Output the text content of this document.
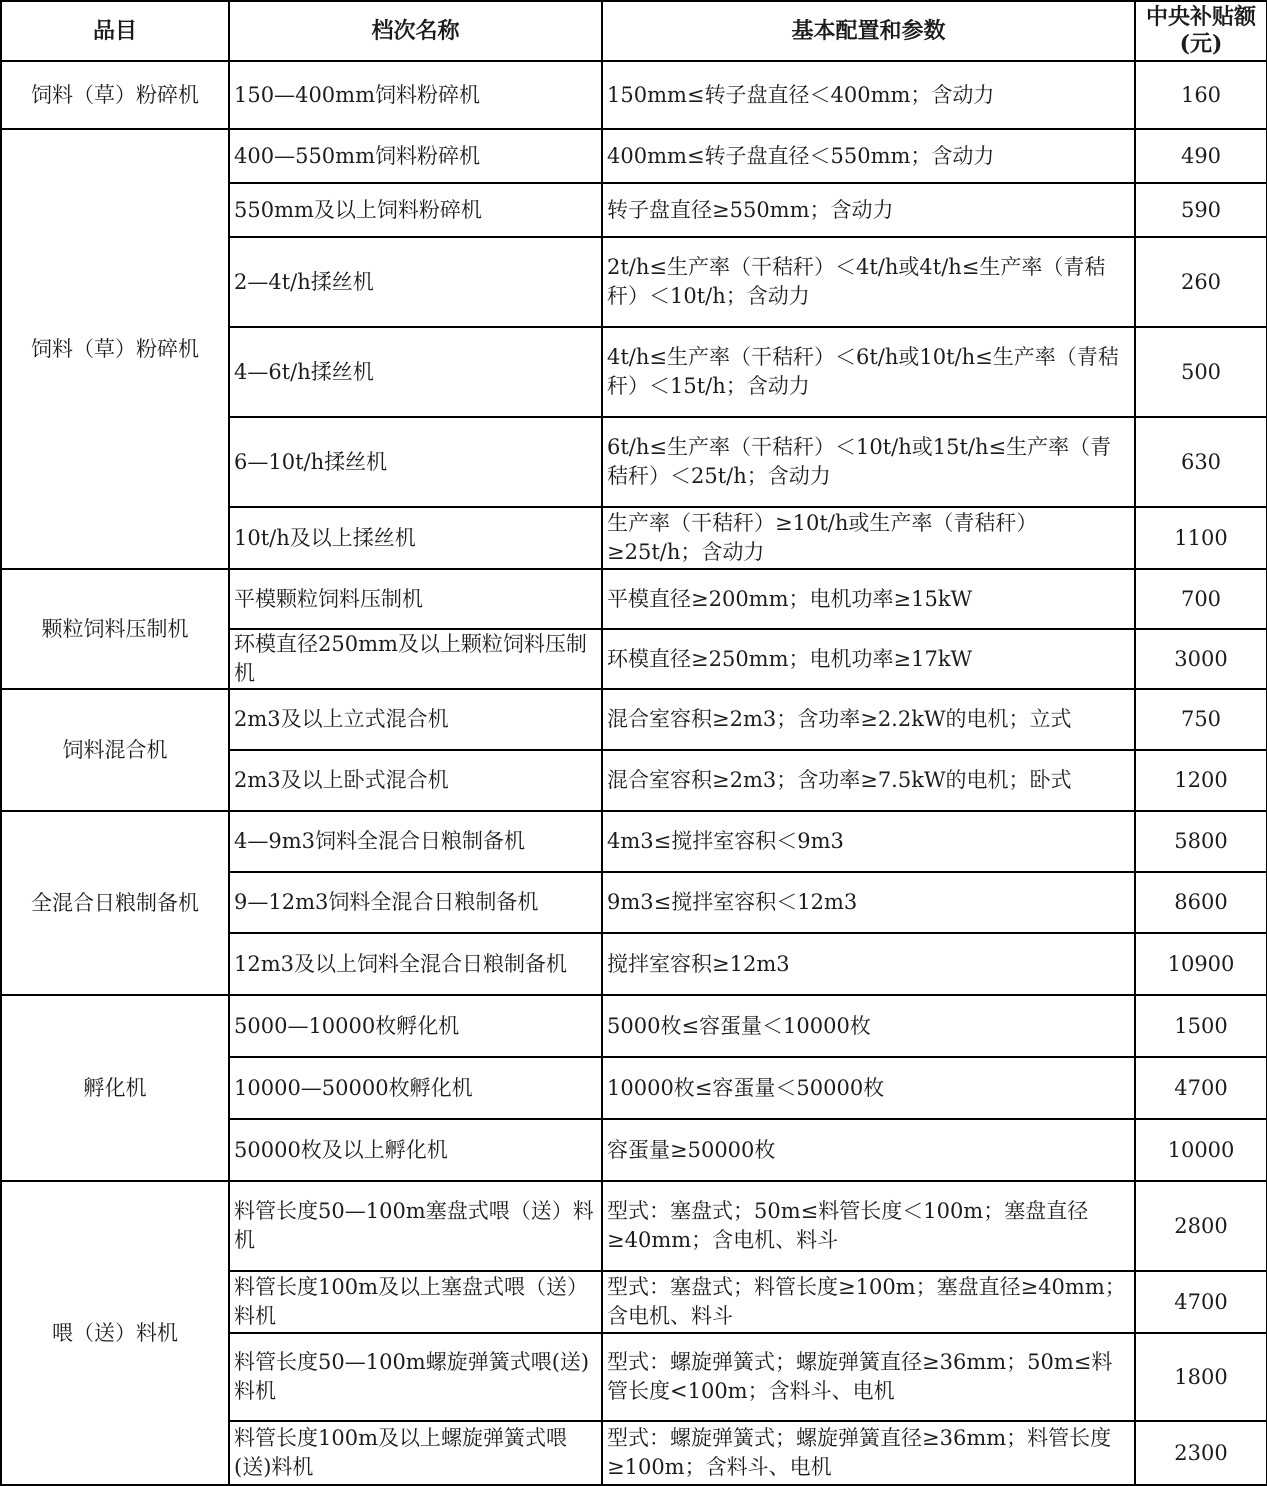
品目	档次名称	基本配置和参数	中央补贴额(元)
饲料（草）粉碎机	150—400mm饲料粉碎机	150mm≤转子盘直径＜400mm；含动力	160
饲料（草）粉碎机	400—550mm饲料粉碎机	400mm≤转子盘直径＜550mm；含动力	490
	550mm及以上饲料粉碎机	转子盘直径≥550mm；含动力	590
	2—4t/h揉丝机	2t/h≤生产率（干秸秆）＜4t/h或4t/h≤生产率（青秸秆）＜10t/h；含动力	260
	4—6t/h揉丝机	4t/h≤生产率（干秸秆）＜6t/h或10t/h≤生产率（青秸秆）＜15t/h；含动力	500
	6—10t/h揉丝机	6t/h≤生产率（干秸秆）＜10t/h或15t/h≤生产率（青秸秆）＜25t/h；含动力	630
	10t/h及以上揉丝机	生产率（干秸秆）≥10t/h或生产率（青秸秆）≥25t/h；含动力	1100
颗粒饲料压制机	平模颗粒饲料压制机	平模直径≥200mm；电机功率≥15kW	700
	环模直径250mm及以上颗粒饲料压制机	环模直径≥250mm；电机功率≥17kW	3000
饲料混合机	2m3及以上立式混合机	混合室容积≥2m3；含功率≥2.2kW的电机；立式	750
	2m3及以上卧式混合机	混合室容积≥2m3；含功率≥7.5kW的电机；卧式	1200
全混合日粮制备机	4—9m3饲料全混合日粮制备机	4m3≤搅拌室容积＜9m3	5800
	9—12m3饲料全混合日粮制备机	9m3≤搅拌室容积＜12m3	8600
	12m3及以上饲料全混合日粮制备机	搅拌室容积≥12m3	10900
孵化机	5000—10000枚孵化机	5000枚≤容蛋量＜10000枚	1500
	10000—50000枚孵化机	10000枚≤容蛋量＜50000枚	4700
	50000枚及以上孵化机	容蛋量≥50000枚	10000
喂（送）料机	料管长度50—100m塞盘式喂（送）料机	型式：塞盘式；50m≤料管长度＜100m；塞盘直径≥40mm；含电机、料斗	2800
	料管长度100m及以上塞盘式喂（送）料机	型式：塞盘式；料管长度≥100m；塞盘直径≥40mm；含电机、料斗	4700
	料管长度50—100m螺旋弹簧式喂(送)料机	型式：螺旋弹簧式；螺旋弹簧直径≥36mm；50m≤料管长度<100m；含料斗、电机	1800
	料管长度100m及以上螺旋弹簧式喂(送)料机	型式：螺旋弹簧式；螺旋弹簧直径≥36mm；料管长度≥100m；含料斗、电机	2300
